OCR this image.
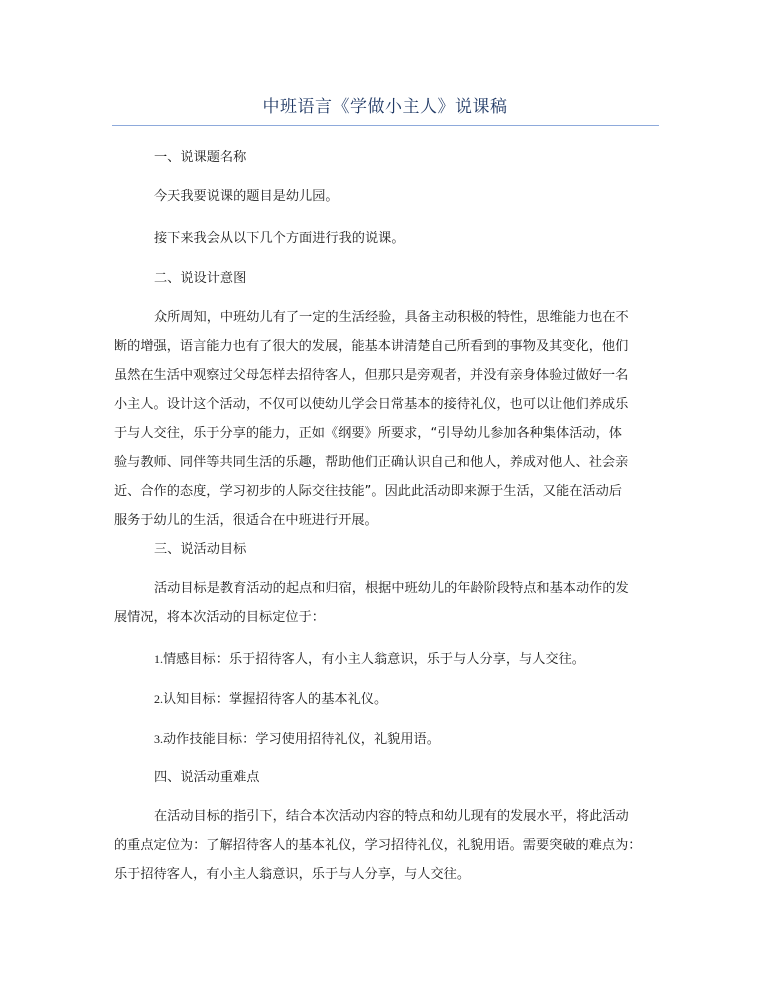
中班语言《学做小主人》说课稿

一、说课题名称

今天我要说课的题目是幼儿园。

接下来我会从以下几个方面进行我的说课。

二、说设计意图

众所周知，中班幼儿有了一定的生活经验，具备主动积极的特性，思维能力也在不
断的增强，语言能力也有了很大的发展，能基本讲清楚自己所看到的事物及其变化，他们
虽然在生活中观察过父母怎样去招待客人，但那只是旁观者，并没有亲身体验过做好一名
小主人。设计这个活动，不仅可以使幼儿学会日常基本的接待礼仪，也可以让他们养成乐
于与人交往，乐于分享的能力，正如《纲要》所要求，“引导幼儿参加各种集体活动，体
验与教师、同伴等共同生活的乐趣，帮助他们正确认识自己和他人，养成对他人、社会亲
近、合作的态度，学习初步的人际交往技能”。因此此活动即来源于生活，又能在活动后
服务于幼儿的生活，很适合在中班进行开展。

三、说活动目标

活动目标是教育活动的起点和归宿，根据中班幼儿的年龄阶段特点和基本动作的发
展情况，将本次活动的目标定位于：

1.情感目标：乐于招待客人，有小主人翁意识，乐于与人分享，与人交往。

2.认知目标：掌握招待客人的基本礼仪。

3.动作技能目标：学习使用招待礼仪，礼貌用语。

四、说活动重难点

在活动目标的指引下，结合本次活动内容的特点和幼儿现有的发展水平，将此活动
的重点定位为：了解招待客人的基本礼仪，学习招待礼仪，礼貌用语。需要突破的难点为：
乐于招待客人，有小主人翁意识，乐于与人分享，与人交往。
